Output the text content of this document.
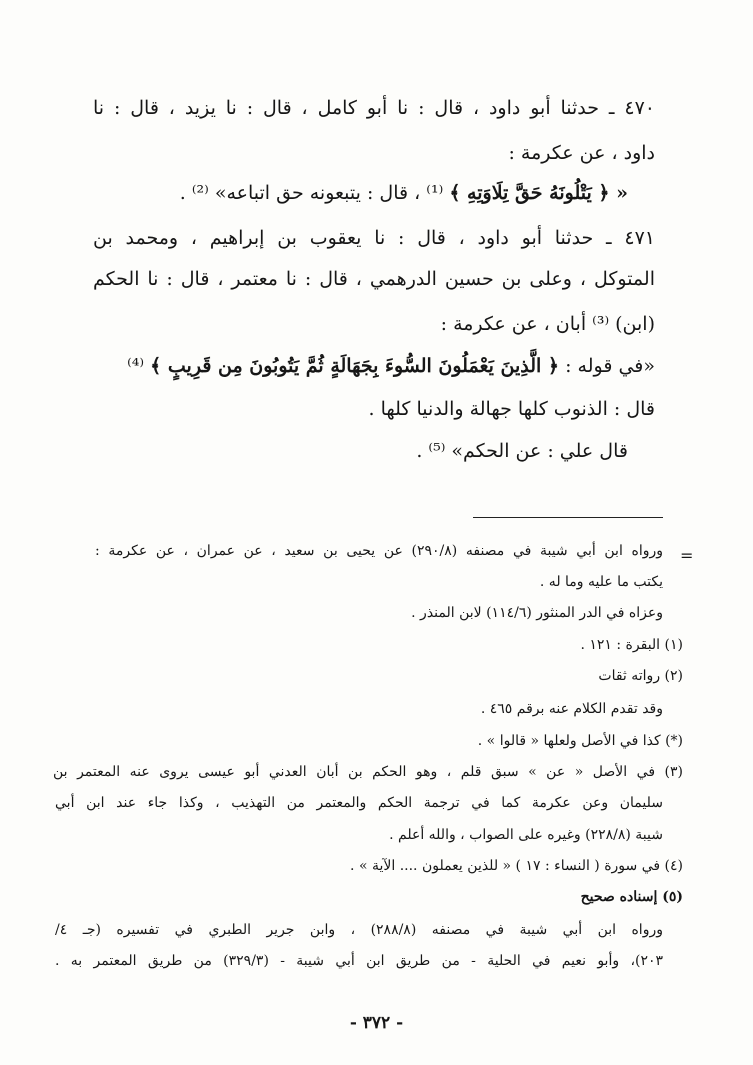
٤٧٠ ـ حدثنا أبو داود ، قال : نا أبو كامل ، قال : نا يزيد ، قال : نا
داود ، عن عكرمة :
« ﴿ يَتْلُونَهُ حَقَّ تِلَاوَتِهِ ﴾ ⁽¹⁾ ، قال : يتبعونه حق اتباعه» ⁽²⁾ .
٤٧١ ـ حدثنا أبو داود ، قال : نا يعقوب بن إبراهيم ، ومحمد بن
المتوكل ، وعلى بن حسين الدرهمي ، قال : نا معتمر ، قال : نا الحكم
(ابن) ⁽³⁾ أبان ، عن عكرمة :
«في قوله : ﴿ الَّذِينَ يَعْمَلُونَ السُّوءَ بِجَهَالَةٍ ثُمَّ يَتُوبُونَ مِن قَرِيبٍ ﴾ ⁽⁴⁾
قال : الذنوب كلها جهالة والدنيا كلها .
قال علي : عن الحكم» ⁽⁵⁾ .
=
ورواه ابن أبي شيبة في مصنفه (٢٩٠/٨) عن يحيى بن سعيد ، عن عمران ، عن عكرمة :
يكتب ما عليه وما له .
وعزاه في الدر المنثور (١١٤/٦) لابن المنذر .
(١) البقرة : ١٢١ .
(٢) رواته ثقات
وقد تقدم الكلام عنه برقم ٤٦٥ .
(*) كذا في الأصل ولعلها « قالوا » .
(٣) في الأصل « عن » سبق قلم ، وهو الحكم بن أبان العدني أبو عيسى يروى عنه المعتمر بن
سليمان وعن عكرمة كما في ترجمة الحكم والمعتمر من التهذيب ، وكذا جاء عند ابن أبي
شيبة (٢٢٨/٨) وغيره على الصواب ، والله أعلم .
(٤) في سورة ( النساء : ١٧ ) « للذين يعملون .... الآية » .
(٥) إسناده صحيح
ورواه ابن أبي شيبة في مصنفه (٢٨٨/٨) ، وابن جرير الطبري في تفسيره (جـ ٤/
٢٠٣)، وأبو نعيم في الحلية - من طريق ابن أبي شيبة - (٣٢٩/٣) من طريق المعتمر به .
- ٣٧٢ -
